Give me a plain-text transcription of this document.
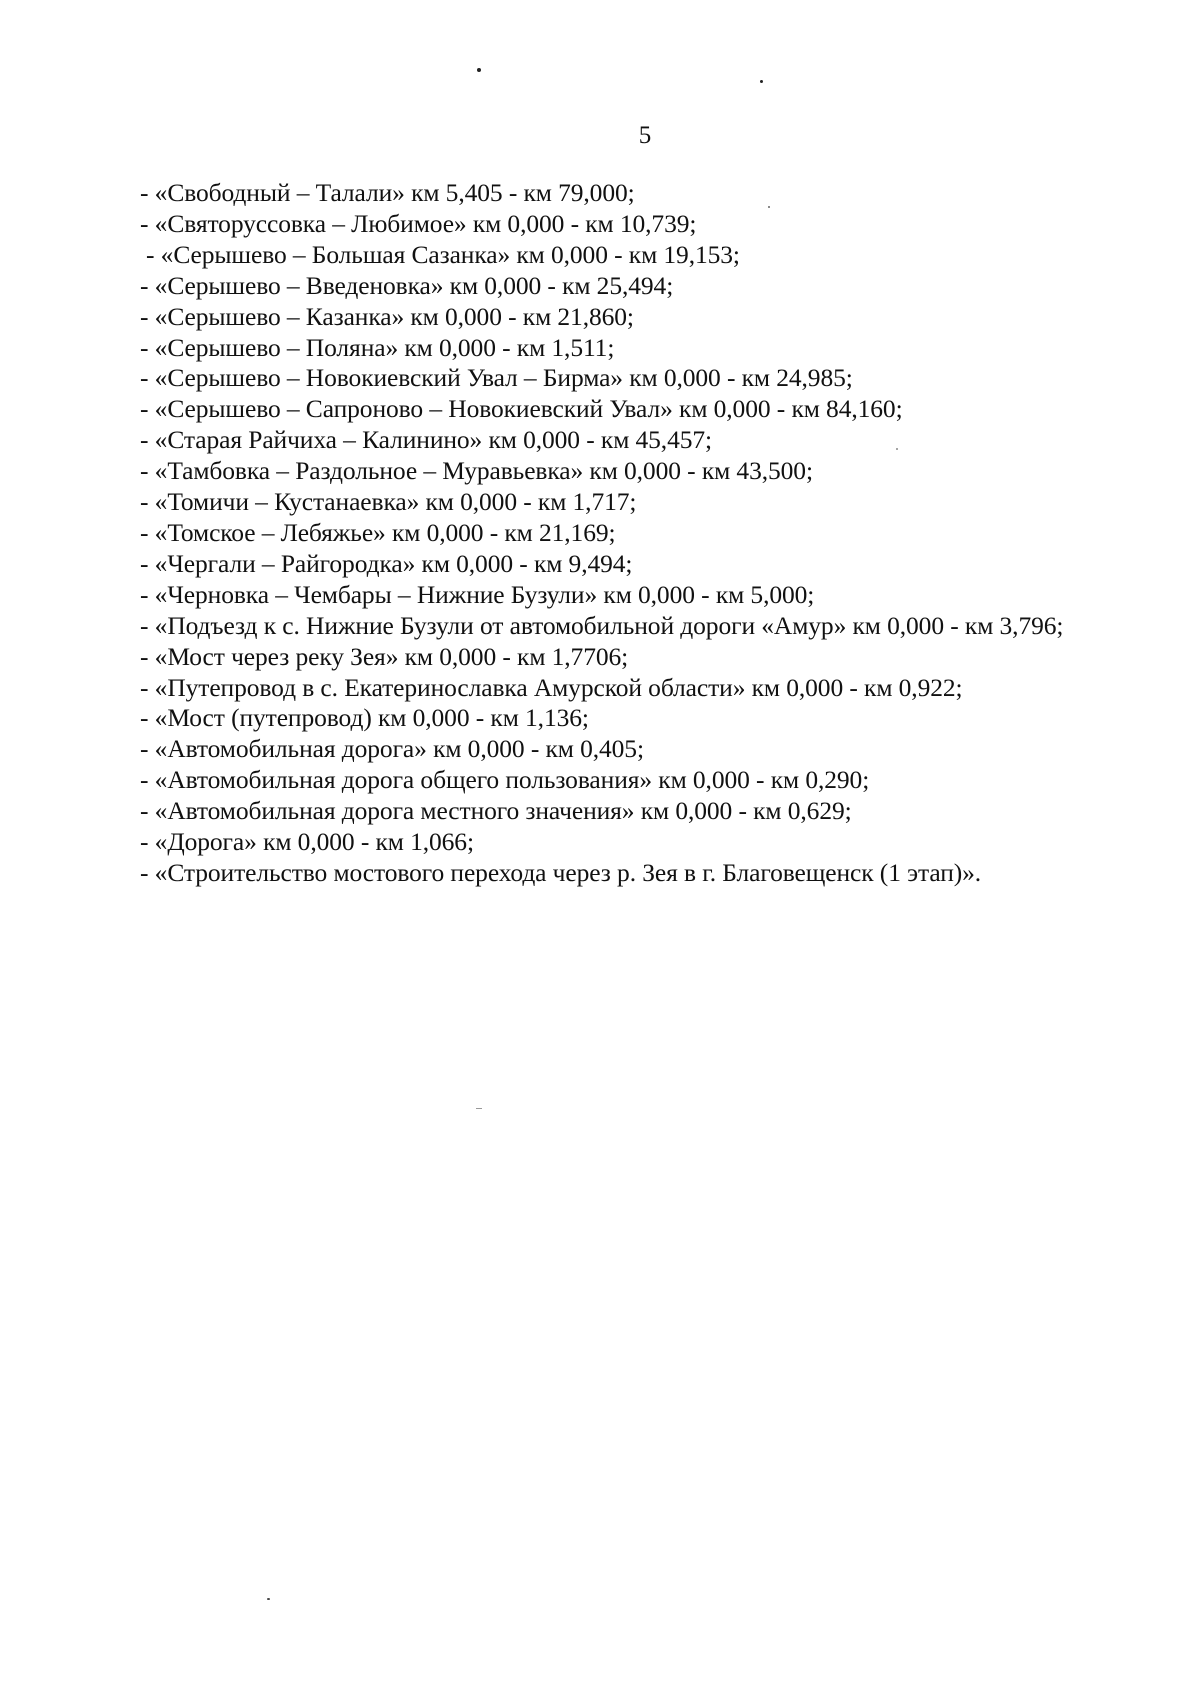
5
- «Свободный – Талали» км 5,405 - км 79,000;
- «Святоруссовка – Любимое» км 0,000 - км 10,739;
- «Серышево – Большая Сазанка» км 0,000 - км 19,153;
- «Серышево – Введеновка» км 0,000 - км 25,494;
- «Серышево – Казанка» км 0,000 - км 21,860;
- «Серышево – Поляна» км 0,000 - км 1,511;
- «Серышево – Новокиевский Увал – Бирма» км 0,000 - км 24,985;
- «Серышево – Сапроново – Новокиевский Увал» км 0,000 - км 84,160;
- «Старая Райчиха – Калинино» км 0,000 - км 45,457;
- «Тамбовка – Раздольное – Муравьевка» км 0,000 - км 43,500;
- «Томичи – Кустанаевка» км 0,000 - км 1,717;
- «Томское – Лебяжье» км 0,000 - км 21,169;
- «Чергали – Райгородка» км 0,000 - км 9,494;
- «Черновка – Чембары – Нижние Бузули» км 0,000 - км 5,000;
- «Подъезд к с. Нижние Бузули от автомобильной дороги «Амур» км 0,000 - км 3,796;
- «Мост через реку Зея» км 0,000 - км 1,7706;
- «Путепровод в с. Екатеринославка Амурской области» км 0,000 - км 0,922;
- «Мост (путепровод) км 0,000 - км 1,136;
- «Автомобильная дорога» км 0,000 - км 0,405;
- «Автомобильная дорога общего пользования» км 0,000 - км 0,290;
- «Автомобильная дорога местного значения» км 0,000 - км 0,629;
- «Дорога» км 0,000 - км 1,066;
- «Строительство мостового перехода через р. Зея в г. Благовещенск (1 этап)».
